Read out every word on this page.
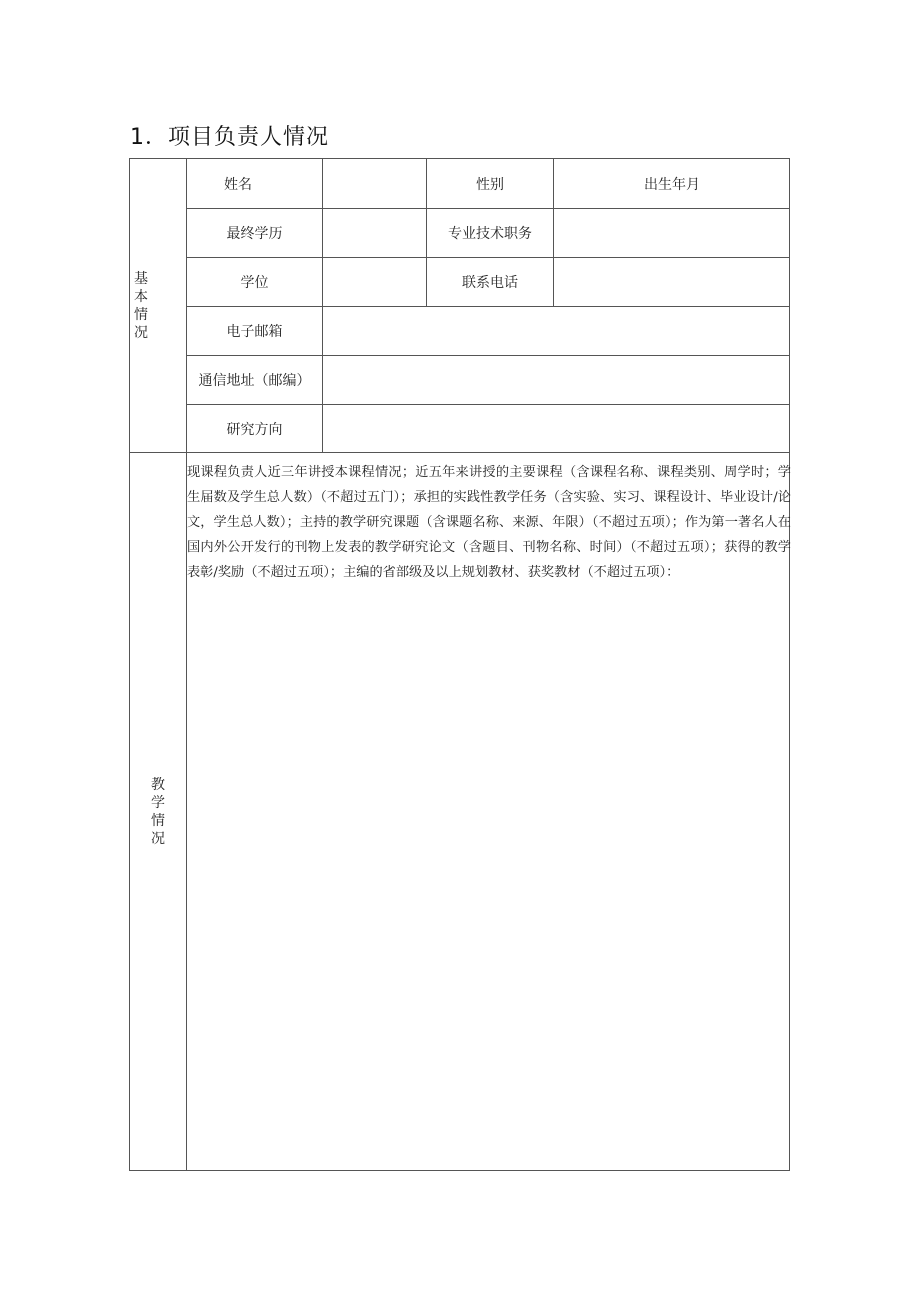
1．项目负责人情况
基本情况
教学情况
姓名	性别	出生年月
最终学历	专业技术职务
学位	联系电话
电子邮箱
通信地址（邮编）
研究方向
现课程负责人近三年讲授本课程情况；近五年来讲授的主要课程（含课程名称、课程类别、周学时；学生届数及学生总人数）（不超过五门）；承担的实践性教学任务（含实验、实习、课程设计、毕业设计/论文，学生总人数）；主持的教学研究课题（含课题名称、来源、年限）（不超过五项）；作为第一著名人在国内外公开发行的刊物上发表的教学研究论文（含题目、刊物名称、时间）（不超过五项）；获得的教学表彰/奖励（不超过五项）；主编的省部级及以上规划教材、获奖教材（不超过五项）：
